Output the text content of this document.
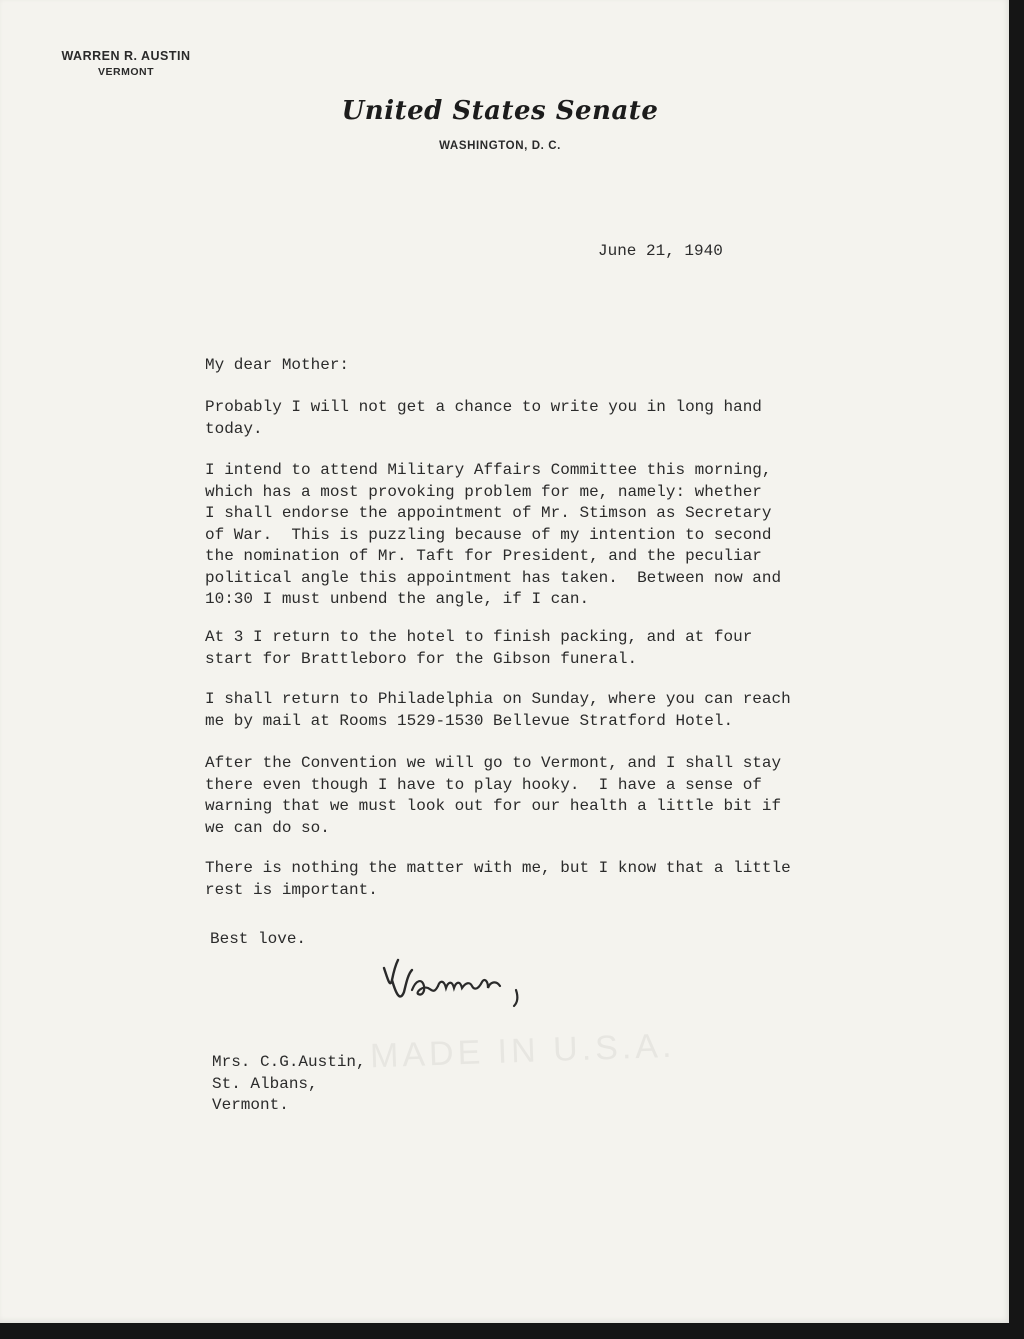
MADE IN U.S.A.
WARREN R. AUSTIN
VERMONT
United States Senate
WASHINGTON, D. C.
June 21, 1940
My dear Mother:
Probably I will not get a chance to write you in long hand
today.
I intend to attend Military Affairs Committee this morning,
which has a most provoking problem for me, namely: whether
I shall endorse the appointment of Mr. Stimson as Secretary
of War.  This is puzzling because of my intention to second
the nomination of Mr. Taft for President, and the peculiar
political angle this appointment has taken.  Between now and
10:30 I must unbend the angle, if I can.
At 3 I return to the hotel to finish packing, and at four
start for Brattleboro for the Gibson funeral.
I shall return to Philadelphia on Sunday, where you can reach
me by mail at Rooms 1529-1530 Bellevue Stratford Hotel.
After the Convention we will go to Vermont, and I shall stay
there even though I have to play hooky.  I have a sense of
warning that we must look out for our health a little bit if
we can do so.
There is nothing the matter with me, but I know that a little
rest is important.
Best love.
Mrs. C.G.Austin,
St. Albans,
Vermont.
